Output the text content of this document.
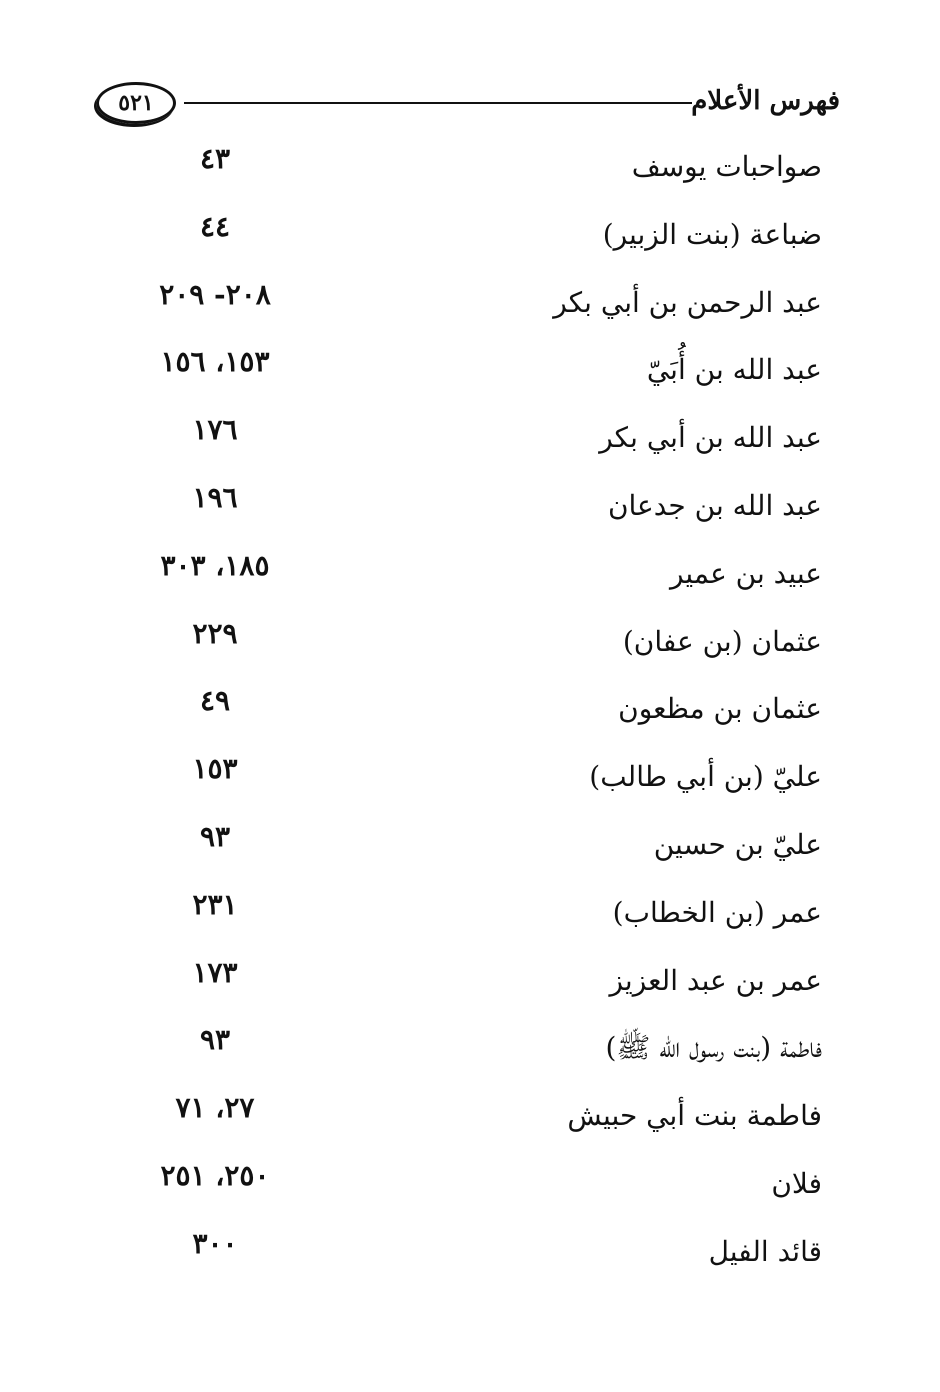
٥٢١	فهرس الأعلام
صواحبات يوسف
٤٣
ضباعة (بنت الزبير)
٤٤
عبد الرحمن بن أبي بكر
٢٠٨- ٢٠٩
عبد الله بن أُبَيّ
١٥٣، ١٥٦
عبد الله بن أبي بكر
١٧٦
عبد الله بن جدعان
١٩٦
عبيد بن عمير
١٨٥، ٣٠٣
عثمان (بن عفان)
٢٢٩
عثمان بن مظعون
٤٩
عليّ (بن أبي طالب)
١٥٣
عليّ بن حسين
٩٣
عمر (بن الخطاب)
٢٣١
عمر بن عبد العزيز
١٧٣
فاطمة (بنت رسول الله ﷺ)
٩٣
فاطمة بنت أبي حبيش
٢٧، ٧١
فلان
٢٥٠، ٢٥١
قائد الفيل
٣٠٠
